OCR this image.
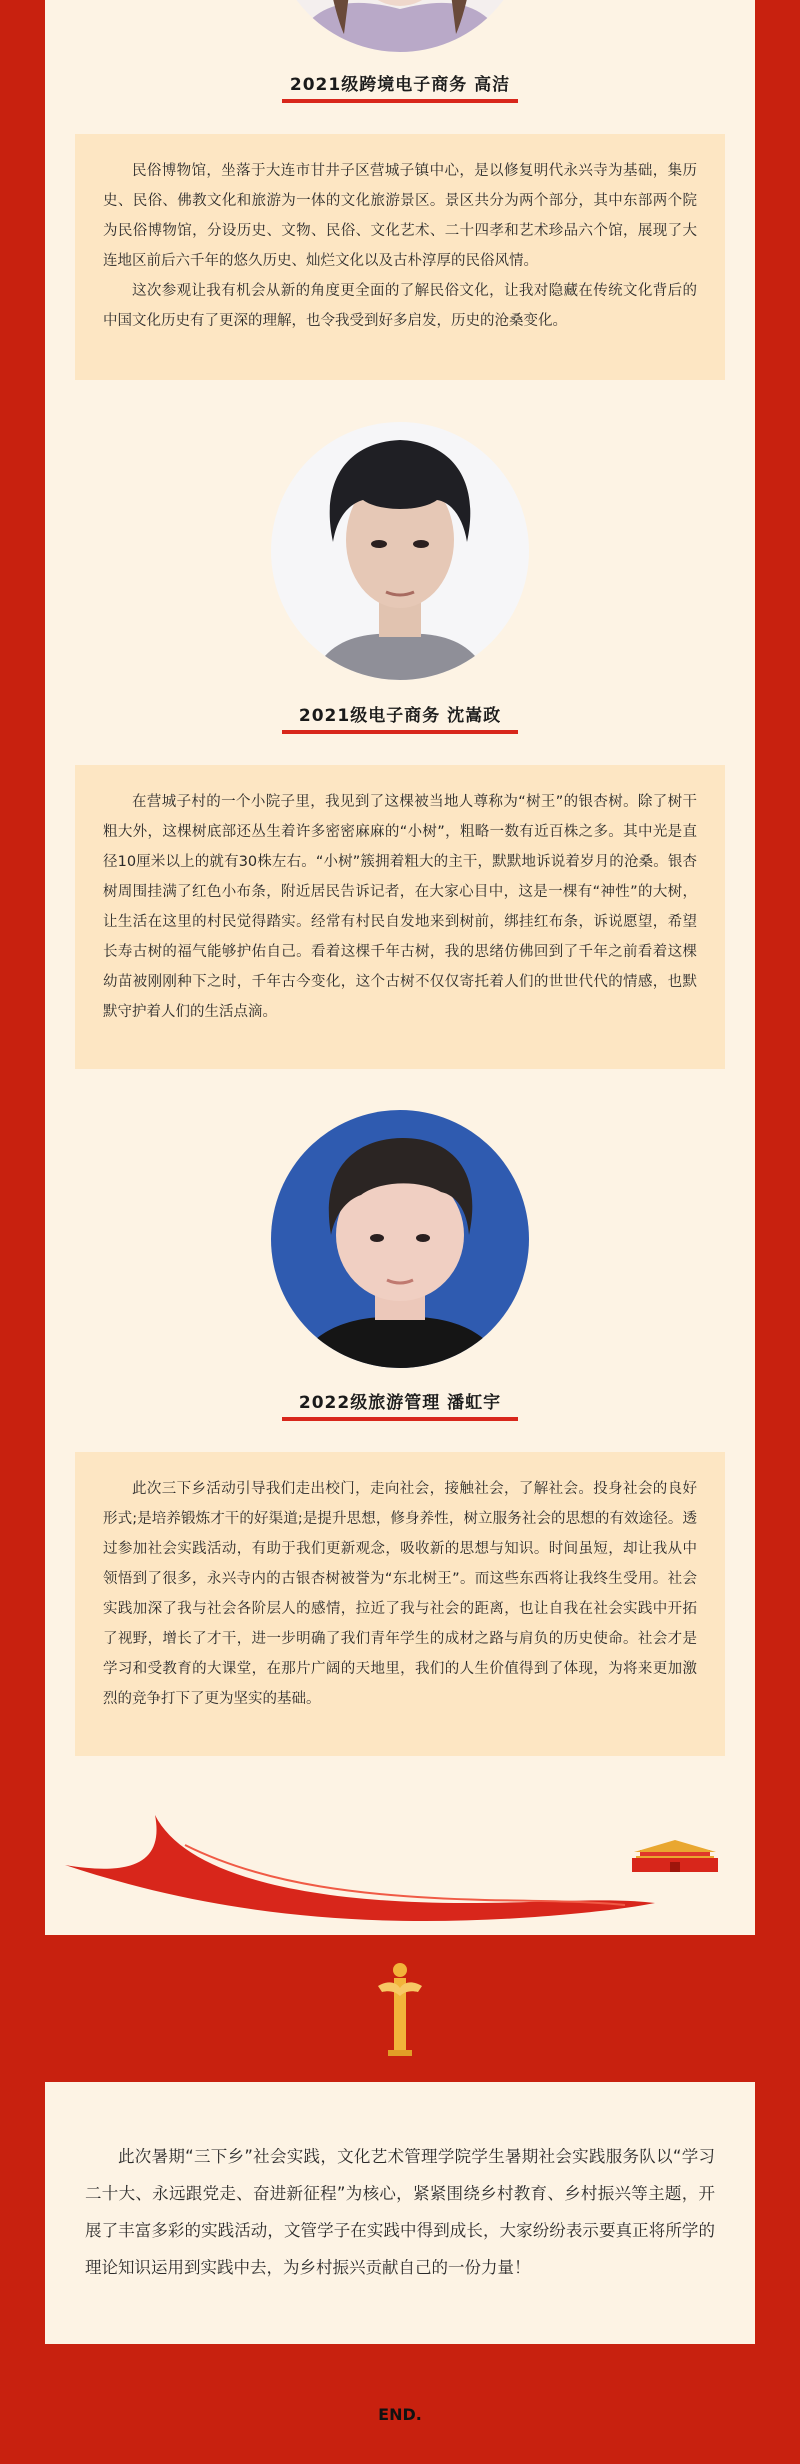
2021级跨境电子商务 高洁

民俗博物馆，坐落于大连市甘井子区营城子镇中心，是以修复明代永兴寺为基础，集历史、民俗、佛教文化和旅游为一体的文化旅游景区。景区共分为两个部分，其中东部两个院为民俗博物馆，分设历史、文物、民俗、文化艺术、二十四孝和艺术珍品六个馆，展现了大连地区前后六千年的悠久历史、灿烂文化以及古朴淳厚的民俗风情。

这次参观让我有机会从新的角度更全面的了解民俗文化，让我对隐藏在传统文化背后的中国文化历史有了更深的理解，也令我受到好多启发，历史的沧桑变化。

2021级电子商务 沈嵩政

在营城子村的一个小院子里，我见到了这棵被当地人尊称为“树王”的银杏树。除了树干粗大外，这棵树底部还丛生着许多密密麻麻的“小树”，粗略一数有近百株之多。其中光是直径10厘米以上的就有30株左右。“小树”簇拥着粗大的主干，默默地诉说着岁月的沧桑。银杏树周围挂满了红色小布条，附近居民告诉记者，在大家心目中，这是一棵有“神性”的大树，让生活在这里的村民觉得踏实。经常有村民自发地来到树前，绑挂红布条，诉说愿望，希望长寿古树的福气能够护佑自己。看着这棵千年古树，我的思绪仿佛回到了千年之前看着这棵幼苗被刚刚种下之时，千年古今变化，这个古树不仅仅寄托着人们的世世代代的情感，也默默守护着人们的生活点滴。

2022级旅游管理 潘虹宇

此次三下乡活动引导我们走出校门，走向社会，接触社会，了解社会。投身社会的良好形式;是培养锻炼才干的好渠道;是提升思想，修身养性，树立服务社会的思想的有效途径。透过参加社会实践活动，有助于我们更新观念，吸收新的思想与知识。时间虽短，却让我从中领悟到了很多，永兴寺内的古银杏树被誉为“东北树王”。而这些东西将让我终生受用。社会实践加深了我与社会各阶层人的感情，拉近了我与社会的距离，也让自我在社会实践中开拓了视野，增长了才干，进一步明确了我们青年学生的成材之路与肩负的历史使命。社会才是学习和受教育的大课堂，在那片广阔的天地里，我们的人生价值得到了体现，为将来更加激烈的竞争打下了更为坚实的基础。

此次暑期“三下乡”社会实践，文化艺术管理学院学生暑期社会实践服务队以“学习二十大、永远跟党走、奋进新征程”为核心，紧紧围绕乡村教育、乡村振兴等主题，开展了丰富多彩的实践活动，文管学子在实践中得到成长，大家纷纷表示要真正将所学的理论知识运用到实践中去，为乡村振兴贡献自己的一份力量！

END.
